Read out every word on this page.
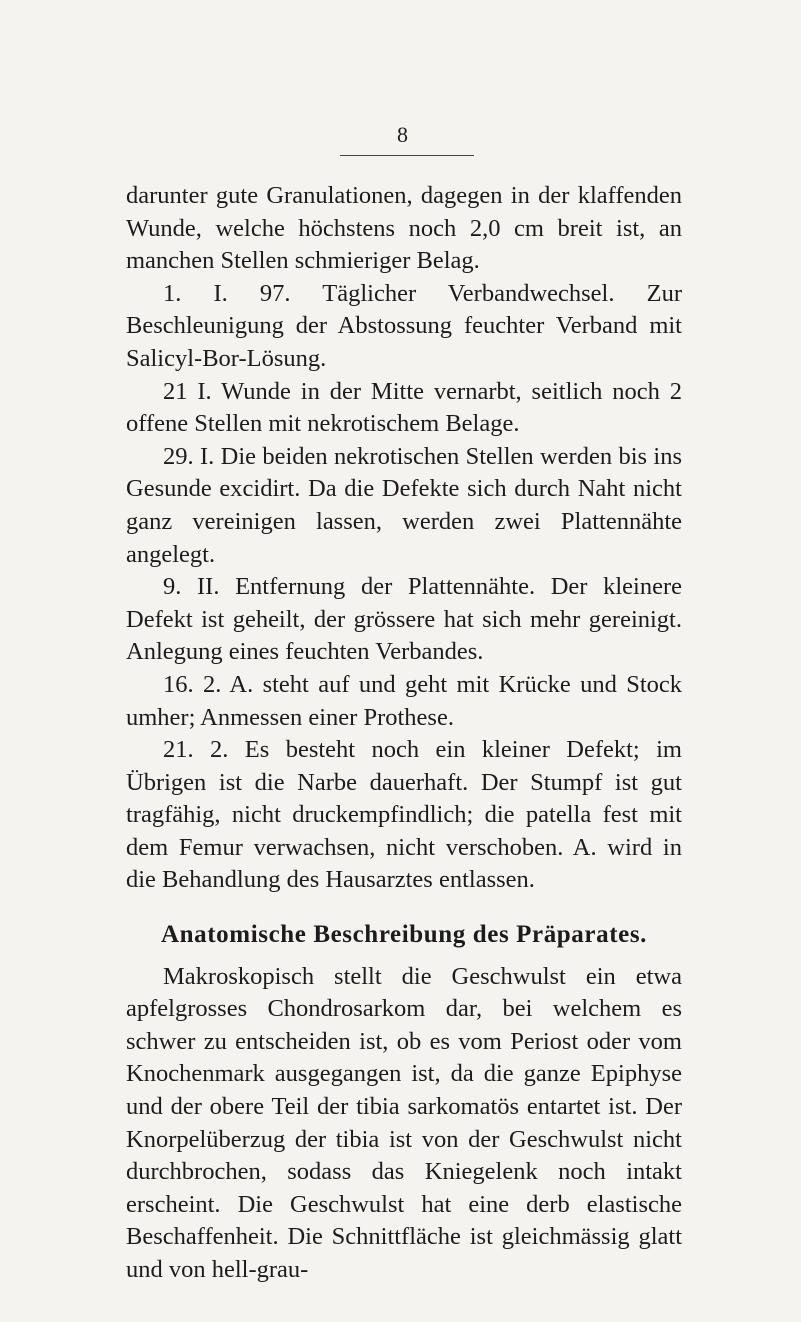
8

darunter gute Granulationen, dagegen in der klaffenden Wunde, welche höchstens noch 2,0 cm breit ist, an manchen Stellen schmieriger Belag.

1. I. 97. Täglicher Verbandwechsel. Zur Beschleunigung der Abstossung feuchter Verband mit Salicyl-Bor-Lösung.

21 I. Wunde in der Mitte vernarbt, seitlich noch 2 offene Stellen mit nekrotischem Belage.

29. I. Die beiden nekrotischen Stellen werden bis ins Gesunde excidirt. Da die Defekte sich durch Naht nicht ganz vereinigen lassen, werden zwei Plattennähte angelegt.

9. II. Entfernung der Plattennähte. Der kleinere Defekt ist geheilt, der grössere hat sich mehr gereinigt. Anlegung eines feuchten Verbandes.

16. 2. A. steht auf und geht mit Krücke und Stock umher; Anmessen einer Prothese.

21. 2. Es besteht noch ein kleiner Defekt; im Übrigen ist die Narbe dauerhaft. Der Stumpf ist gut tragfähig, nicht druckempfindlich; die patella fest mit dem Femur verwachsen, nicht verschoben. A. wird in die Behandlung des Hausarztes entlassen.

Anatomische Beschreibung des Präparates.

Makroskopisch stellt die Geschwulst ein etwa apfelgrosses Chondrosarkom dar, bei welchem es schwer zu entscheiden ist, ob es vom Periost oder vom Knochenmark ausgegangen ist, da die ganze Epiphyse und der obere Teil der tibia sarkomatös entartet ist. Der Knorpelüberzug der tibia ist von der Geschwulst nicht durchbrochen, sodass das Kniegelenk noch intakt erscheint. Die Geschwulst hat eine derb elastische Beschaffenheit. Die Schnittfläche ist gleichmässig glatt und von hell-grau-
